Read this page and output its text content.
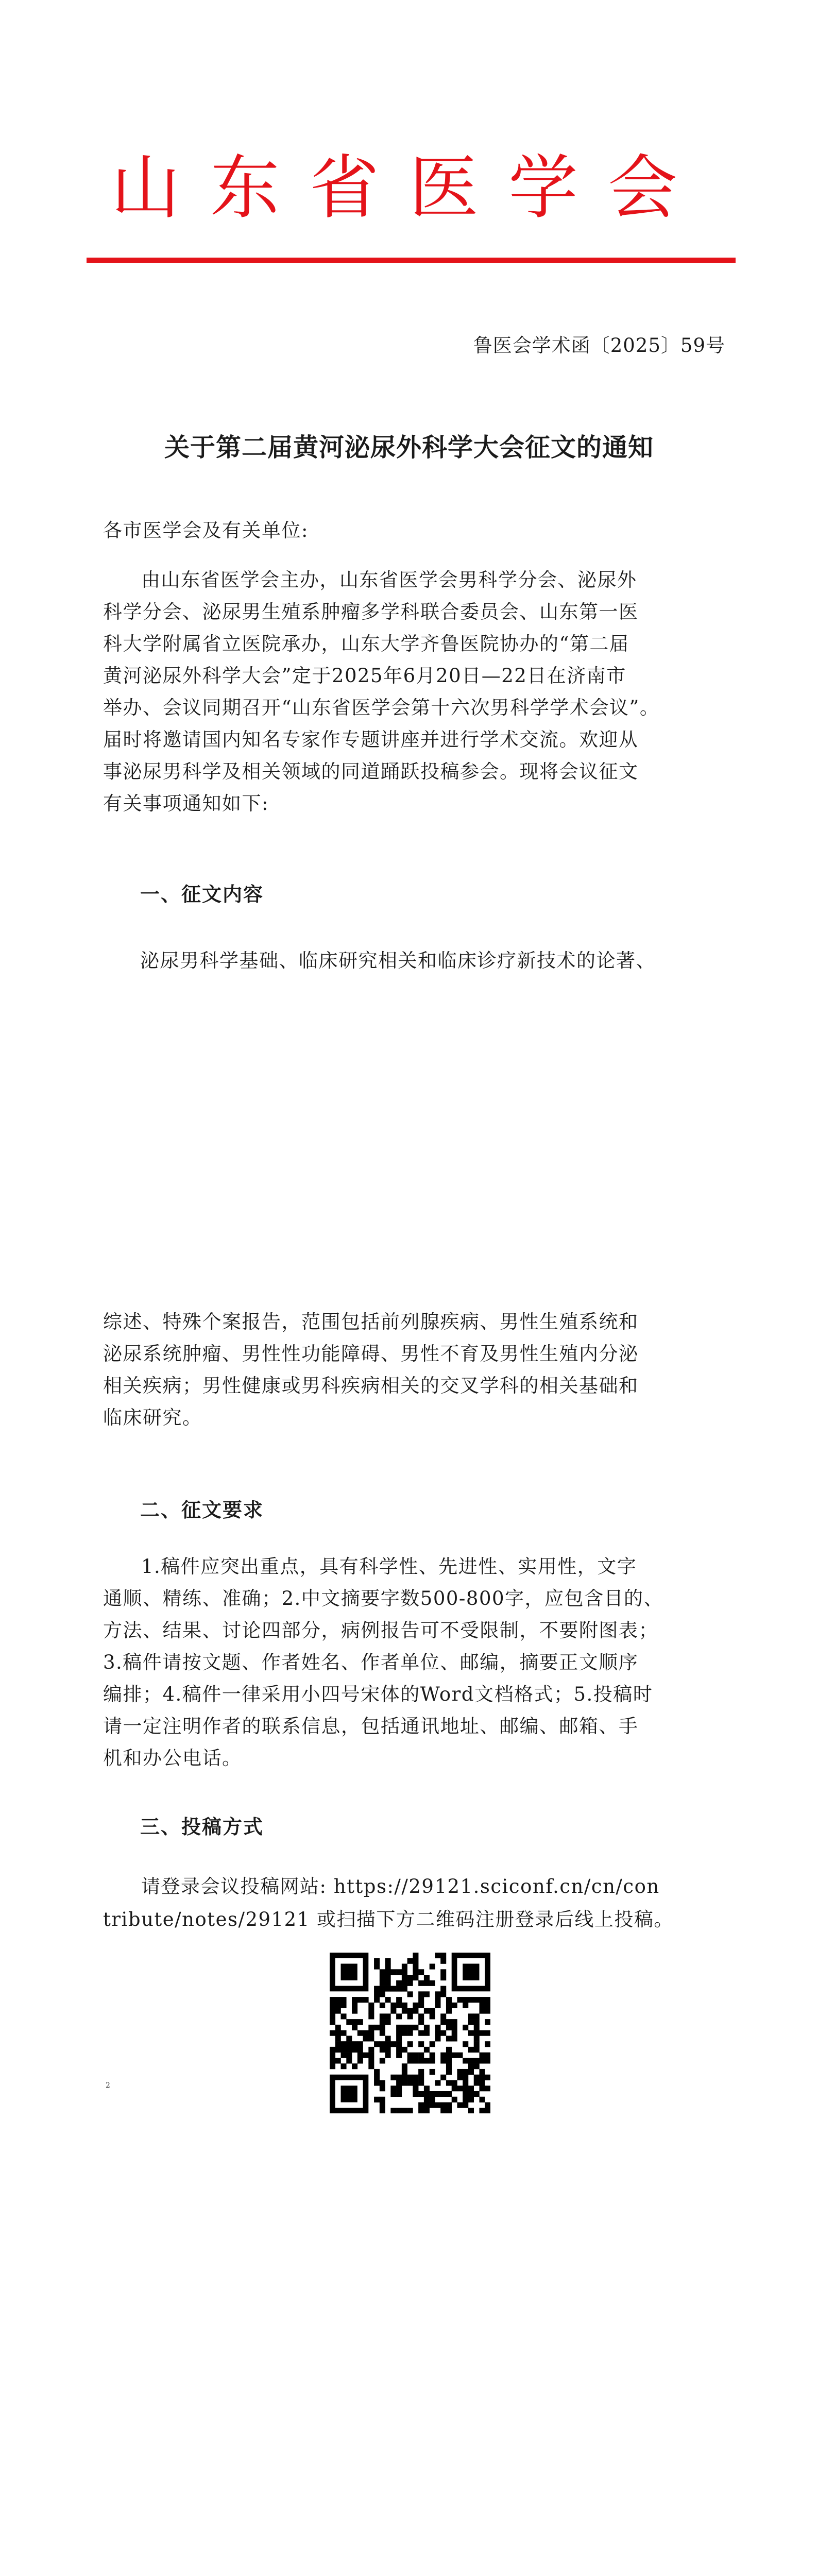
山东省医学会
鲁医会学术函〔2025〕59号
关于第二届黄河泌尿外科学大会征文的通知
各市医学会及有关单位:
由山东省医学会主办，山东省医学会男科学分会、泌尿外
科学分会、泌尿男生殖系肿瘤多学科联合委员会、山东第一医
科大学附属省立医院承办，山东大学齐鲁医院协办的“第二届
黄河泌尿外科学大会”定于2025年6月20日—22日在济南市
举办、会议同期召开“山东省医学会第十六次男科学学术会议”。
届时将邀请国内知名专家作专题讲座并进行学术交流。欢迎从
事泌尿男科学及相关领域的同道踊跃投稿参会。现将会议征文
有关事项通知如下:
一、征文内容
泌尿男科学基础、临床研究相关和临床诊疗新技术的论著、
综述、特殊个案报告，范围包括前列腺疾病、男性生殖系统和
泌尿系统肿瘤、男性性功能障碍、男性不育及男性生殖内分泌
相关疾病；男性健康或男科疾病相关的交叉学科的相关基础和
临床研究。
二、征文要求
1.稿件应突出重点，具有科学性、先进性、实用性，文字
通顺、精练、准确；2.中文摘要字数500-800字，应包含目的、
方法、结果、讨论四部分，病例报告可不受限制，不要附图表；
3.稿件请按文题、作者姓名、作者单位、邮编，摘要正文顺序
编排；4.稿件一律采用小四号宋体的Word文档格式；5.投稿时
请一定注明作者的联系信息，包括通讯地址、邮编、邮箱、手
机和办公电话。
三、投稿方式
请登录会议投稿网站: https://29121.sciconf.cn/cn/con
tribute/notes/29121 或扫描下方二维码注册登录后线上投稿。
2
